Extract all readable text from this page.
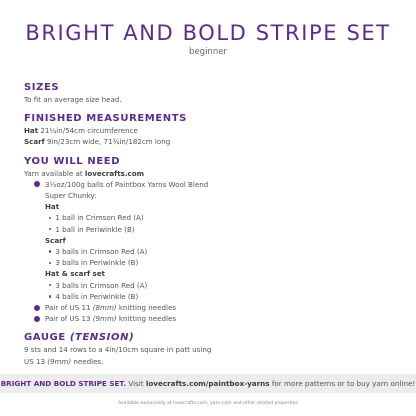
BRIGHT AND BOLD STRIPE SET
beginner
SIZES
To fit an average size head.
FINISHED MEASUREMENTS
Hat 21¼in/54cm circumference
Scarf 9in/23cm wide, 71¾in/182cm long
YOU WILL NEED
Yarn available at lovecrafts.com
3½oz/100g balls of Paintbox Yarns Wool Blend
Super Chunky:
Hat
1 ball in Crimson Red (A)
1 ball in Periwinkle (B)
Scarf
3 balls in Crimson Red (A)
3 balls in Periwinkle (B)
Hat & scarf set
3 balls in Crimson Red (A)
4 balls in Periwinkle (B)
Pair of US 11 (8mm) knitting needles
Pair of US 13 (9mm) knitting needles
GAUGE (TENSION)
9 sts and 14 rows to a 4in/10cm square in patt using
US 13 (9mm) needles.
BRIGHT AND BOLD STRIPE SET. Visit lovecrafts.com/paintbox-yarns for more patterns or to buy yarn online!
Available exclusively at lovecrafts.com, yarn.com and other related properties
